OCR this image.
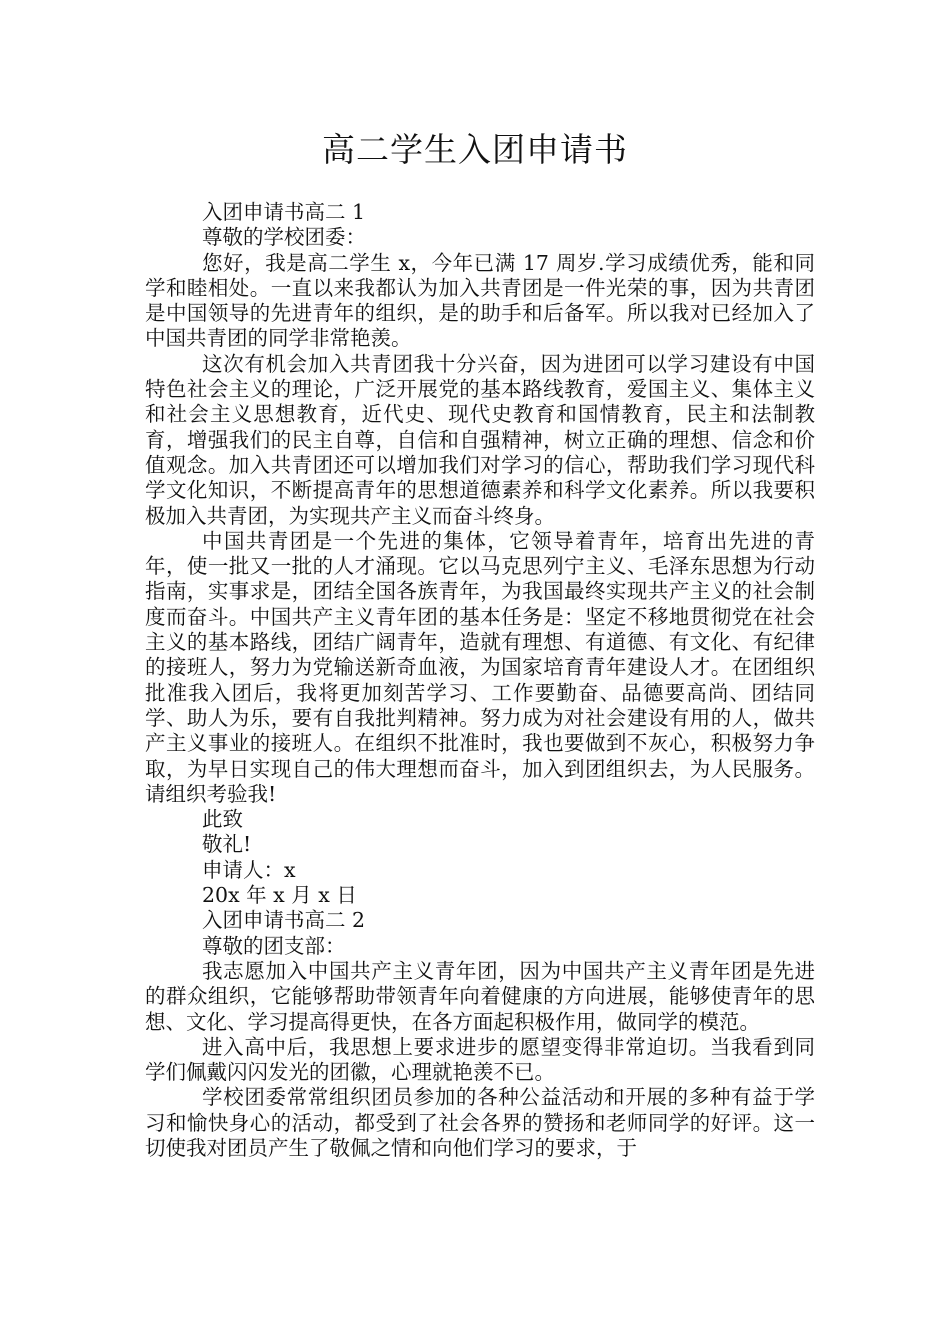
高二学生入团申请书

入团申请书高二 1

尊敬的学校团委：

您好，我是高二学生 x，今年已满 17 周岁.学习成绩优秀，能和同学和睦相处。一直以来我都认为加入共青团是一件光荣的事，因为共青团是中国领导的先进青年的组织，是的助手和后备军。所以我对已经加入了中国共青团的同学非常艳羡。

这次有机会加入共青团我十分兴奋，因为进团可以学习建设有中国特色社会主义的理论，广泛开展党的基本路线教育，爱国主义、集体主义和社会主义思想教育，近代史、现代史教育和国情教育，民主和法制教育，增强我们的民主自尊，自信和自强精神，树立正确的理想、信念和价值观念。加入共青团还可以增加我们对学习的信心，帮助我们学习现代科学文化知识，不断提高青年的思想道德素养和科学文化素养。所以我要积极加入共青团，为实现共产主义而奋斗终身。

中国共青团是一个先进的集体，它领导着青年，培育出先进的青年，使一批又一批的人才涌现。它以马克思列宁主义、毛泽东思想为行动指南，实事求是，团结全国各族青年，为我国最终实现共产主义的社会制度而奋斗。中国共产主义青年团的基本任务是：坚定不移地贯彻党在社会主义的基本路线，团结广阔青年，造就有理想、有道德、有文化、有纪律的接班人，努力为党输送新奇血液，为国家培育青年建设人才。在团组织批准我入团后，我将更加刻苦学习、工作要勤奋、品德要高尚、团结同学、助人为乐，要有自我批判精神。努力成为对社会建设有用的人，做共产主义事业的接班人。在组织不批准时，我也要做到不灰心，积极努力争取，为早日实现自己的伟大理想而奋斗，加入到团组织去，为人民服务。请组织考验我!

此致

敬礼!

申请人：x

20x 年 x 月 x 日

入团申请书高二 2

尊敬的团支部：

我志愿加入中国共产主义青年团，因为中国共产主义青年团是先进的群众组织，它能够帮助带领青年向着健康的方向进展，能够使青年的思想、文化、学习提高得更快，在各方面起积极作用，做同学的模范。

进入高中后，我思想上要求进步的愿望变得非常迫切。当我看到同学们佩戴闪闪发光的团徽，心理就艳羡不已。

学校团委常常组织团员参加的各种公益活动和开展的多种有益于学习和愉快身心的活动，都受到了社会各界的赞扬和老师同学的好评。这一切使我对团员产生了敬佩之情和向他们学习的要求，于
